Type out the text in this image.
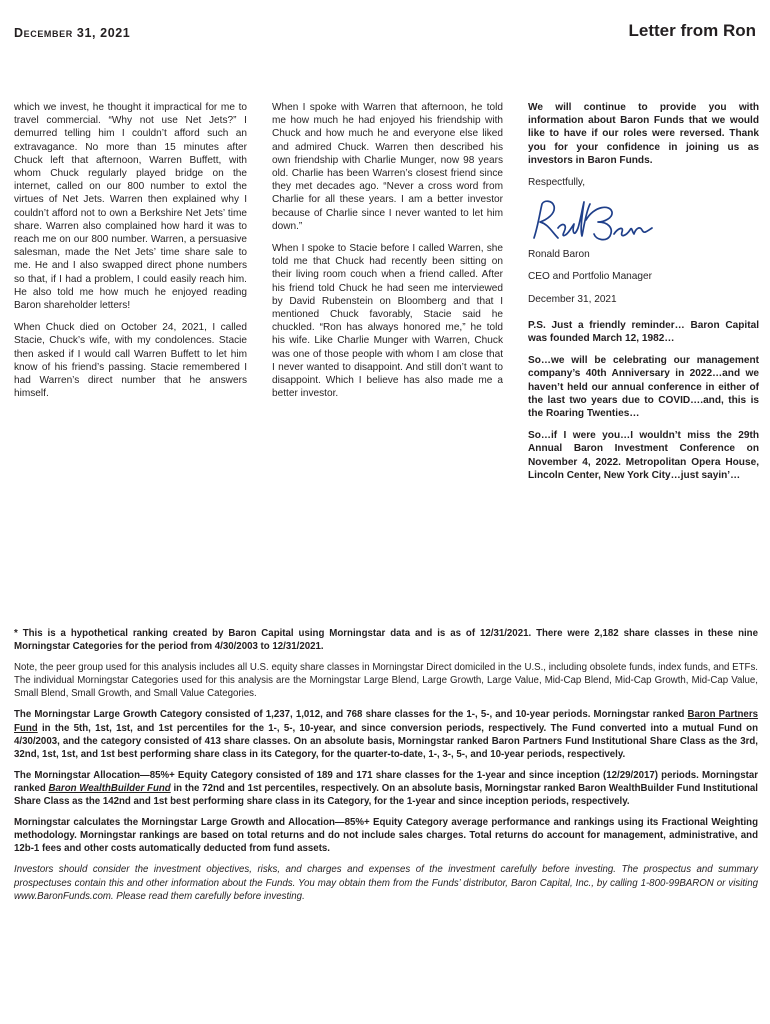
December 31, 2021	Letter from Ron

which we invest, he thought it impractical for me to travel commercial. “Why not use Net Jets?” I demurred telling him I couldn’t afford such an extravagance. No more than 15 minutes after Chuck left that afternoon, Warren Buffett, with whom Chuck regularly played bridge on the internet, called on our 800 number to extol the virtues of Net Jets. Warren then explained why I couldn’t afford not to own a Berkshire Net Jets’ time share. Warren also complained how hard it was to reach me on our 800 number. Warren, a persuasive salesman, made the Net Jets’ time share sale to me. He and I also swapped direct phone numbers so that, if I had a problem, I could easily reach him. He also told me how much he enjoyed reading Baron shareholder letters!

When Chuck died on October 24, 2021, I called Stacie, Chuck’s wife, with my condolences. Stacie then asked if I would call Warren Buffett to let him know of his friend’s passing. Stacie remembered I had Warren’s direct number that he answers himself.

When I spoke with Warren that afternoon, he told me how much he had enjoyed his friendship with Chuck and how much he and everyone else liked and admired Chuck. Warren then described his own friendship with Charlie Munger, now 98 years old. Charlie has been Warren’s closest friend since they met decades ago. “Never a cross word from Charlie for all these years. I am a better investor because of Charlie since I never wanted to let him down.”

When I spoke to Stacie before I called Warren, she told me that Chuck had recently been sitting on their living room couch when a friend called. After his friend told Chuck he had seen me interviewed by David Rubenstein on Bloomberg and that I mentioned Chuck favorably, Stacie said he chuckled. “Ron has always honored me,” he told his wife. Like Charlie Munger with Warren, Chuck was one of those people with whom I am close that I never wanted to disappoint. And still don’t want to disappoint. Which I believe has also made me a better investor.

We will continue to provide you with information about Baron Funds that we would like to have if our roles were reversed. Thank you for your confidence in joining us as investors in Baron Funds.

Respectfully,

Ronald Baron

CEO and Portfolio Manager

December 31, 2021

P.S. Just a friendly reminder… Baron Capital was founded March 12, 1982…

So…we will be celebrating our management company’s 40th Anniversary in 2022…and we haven’t held our annual conference in either of the last two years due to COVID….and, this is the Roaring Twenties…

So…if I were you…I wouldn’t miss the 29th Annual Baron Investment Conference on November 4, 2022. Metropolitan Opera House, Lincoln Center, New York City…just sayin’…

* This is a hypothetical ranking created by Baron Capital using Morningstar data and is as of 12/31/2021. There were 2,182 share classes in these nine Morningstar Categories for the period from 4/30/2003 to 12/31/2021.

Note, the peer group used for this analysis includes all U.S. equity share classes in Morningstar Direct domiciled in the U.S., including obsolete funds, index funds, and ETFs. The individual Morningstar Categories used for this analysis are the Morningstar Large Blend, Large Growth, Large Value, Mid-Cap Blend, Mid-Cap Growth, Mid-Cap Value, Small Blend, Small Growth, and Small Value Categories.

The Morningstar Large Growth Category consisted of 1,237, 1,012, and 768 share classes for the 1-, 5-, and 10-year periods. Morningstar ranked Baron Partners Fund in the 5th, 1st, 1st, and 1st percentiles for the 1-, 5-, 10-year, and since conversion periods, respectively. The Fund converted into a mutual Fund on 4/30/2003, and the category consisted of 413 share classes. On an absolute basis, Morningstar ranked Baron Partners Fund Institutional Share Class as the 3rd, 32nd, 1st, 1st, and 1st best performing share class in its Category, for the quarter-to-date, 1-, 3-, 5-, and 10-year periods, respectively.

The Morningstar Allocation—85%+ Equity Category consisted of 189 and 171 share classes for the 1-year and since inception (12/29/2017) periods. Morningstar ranked Baron WealthBuilder Fund in the 72nd and 1st percentiles, respectively. On an absolute basis, Morningstar ranked Baron WealthBuilder Fund Institutional Share Class as the 142nd and 1st best performing share class in its Category, for the 1-year and since inception periods, respectively.

Morningstar calculates the Morningstar Large Growth and Allocation—85%+ Equity Category average performance and rankings using its Fractional Weighting methodology. Morningstar rankings are based on total returns and do not include sales charges. Total returns do account for management, administrative, and 12b-1 fees and other costs automatically deducted from fund assets.

Investors should consider the investment objectives, risks, and charges and expenses of the investment carefully before investing. The prospectus and summary prospectuses contain this and other information about the Funds. You may obtain them from the Funds’ distributor, Baron Capital, Inc., by calling 1-800-99BARON or visiting www.BaronFunds.com. Please read them carefully before investing.
